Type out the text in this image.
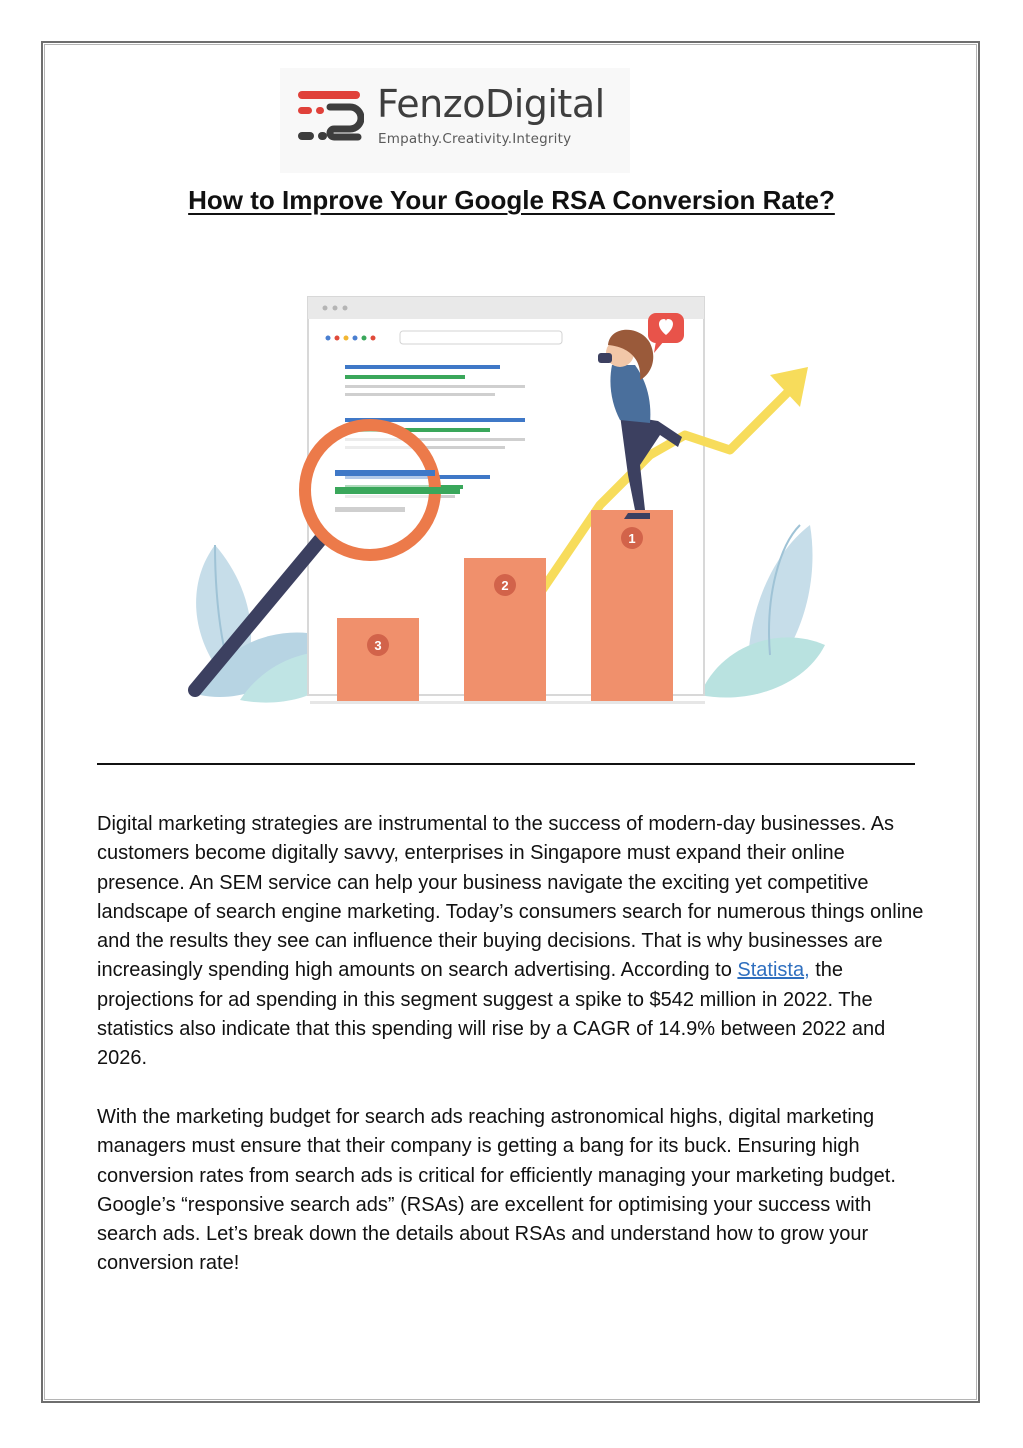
FenzoDigital
Empathy.Creativity.Integrity
How to Improve Your Google RSA Conversion Rate?
3
2
1

Digital marketing strategies are instrumental to the success of modern-day businesses. As customers become digitally savvy, enterprises in Singapore must expand their online presence. An SEM service can help your business navigate the exciting yet competitive landscape of search engine marketing. Today’s consumers search for numerous things online and the results they see can influence their buying decisions. That is why businesses are increasingly spending high amounts on search advertising. According to Statista, the projections for ad spending in this segment suggest a spike to $542 million in 2022. The statistics also indicate that this spending will rise by a CAGR of 14.9% between 2022 and 2026.

With the marketing budget for search ads reaching astronomical highs, digital marketing managers must ensure that their company is getting a bang for its buck. Ensuring high conversion rates from search ads is critical for efficiently managing your marketing budget. Google’s “responsive search ads” (RSAs) are excellent for optimising your success with search ads. Let’s break down the details about RSAs and understand how to grow your conversion rate!
